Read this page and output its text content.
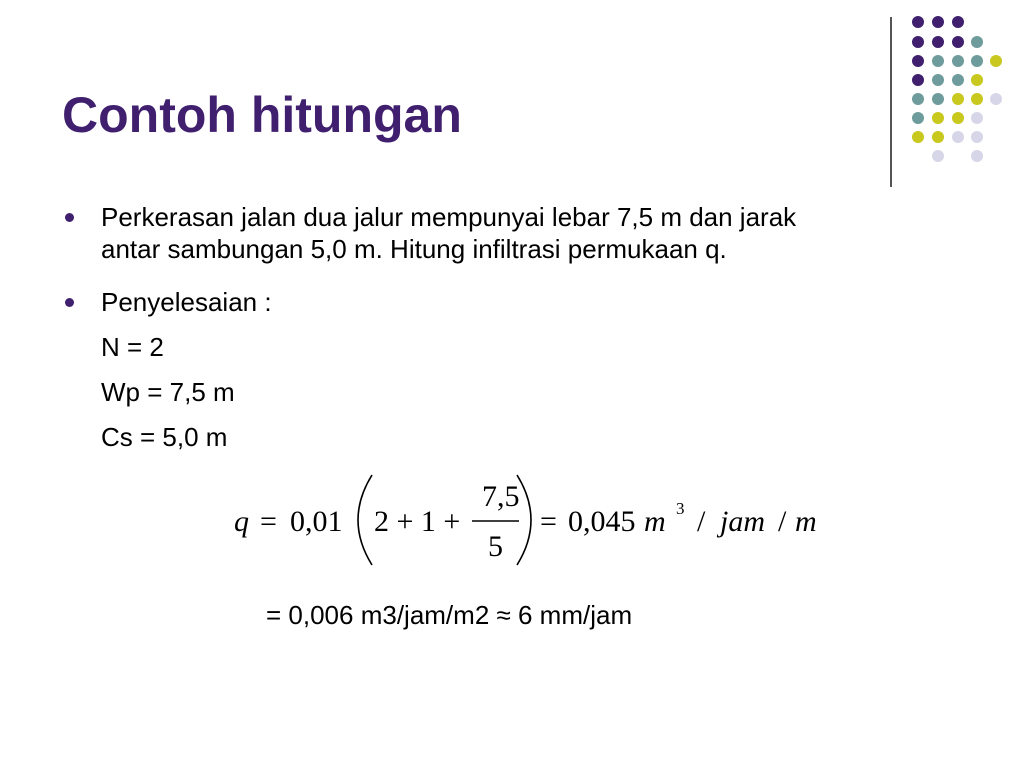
Contoh hitungan
Perkerasan jalan dua jalur mempunyai lebar 7,5 m dan jarak
antar sambungan 5,0 m. Hitung infiltrasi permukaan q.
Penyelesaian :
N = 2
Wp = 7,5 m
Cs = 5,0 m
q = 0,01 2 + 1 +
7,5
5
= 0,045 m 3 / jam / m
= 0,006 m3/jam/m2 ≈ 6 mm/jam
